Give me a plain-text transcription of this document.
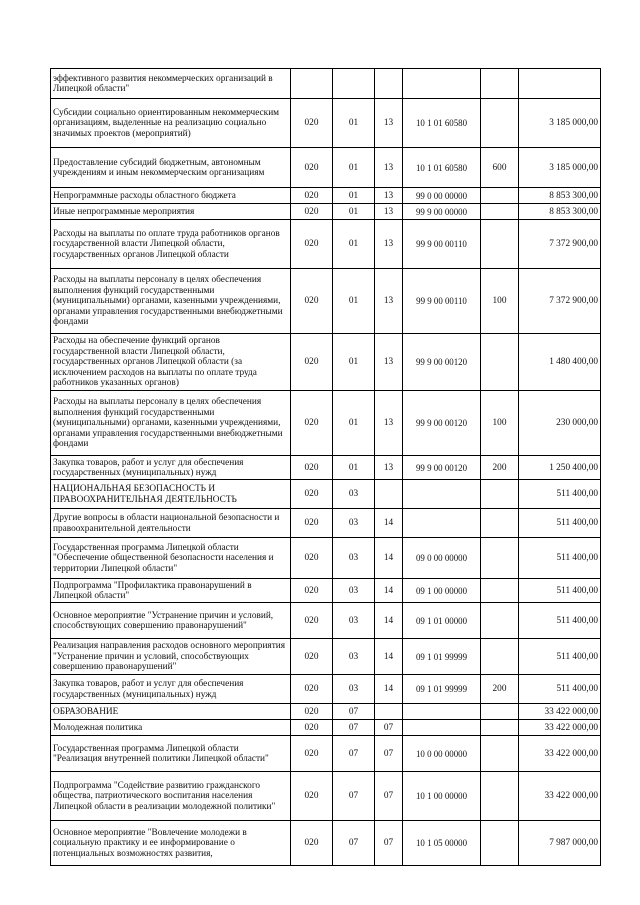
эффективного развития некоммерческих организаций в Липецкой области"						
Субсидии социально ориентированным некоммерческим организациям, выделенные на реализацию социально значимых проектов (мероприятий)	020	01	13	10 1 01 60580		3 185 000,00
Предоставление субсидий бюджетным, автономным учреждениям и иным некоммерческим организациям	020	01	13	10 1 01 60580	600	3 185 000,00
Непрограммные расходы областного бюджета	020	01	13	99 0 00 00000		8 853 300,00
Иные непрограммные мероприятия	020	01	13	99 9 00 00000		8 853 300,00
Расходы на выплаты по оплате труда работников органов государственной власти Липецкой области, государственных органов Липецкой области	020	01	13	99 9 00 00110		7 372 900,00
Расходы на выплаты персоналу в целях обеспечения выполнения функций государственными (муниципальными) органами, казенными учреждениями, органами управления государственными внебюджетными фондами	020	01	13	99 9 00 00110	100	7 372 900,00
Расходы на обеспечение функций органов государственной власти Липецкой области, государственных органов Липецкой области (за исключением расходов на выплаты по оплате труда работников указанных органов)	020	01	13	99 9 00 00120		1 480 400,00
Расходы на выплаты персоналу в целях обеспечения выполнения функций государственными (муниципальными) органами, казенными учреждениями, органами управления государственными внебюджетными фондами	020	01	13	99 9 00 00120	100	230 000,00
Закупка товаров, работ и услуг для обеспечения государственных (муниципальных) нужд	020	01	13	99 9 00 00120	200	1 250 400,00
НАЦИОНАЛЬНАЯ БЕЗОПАСНОСТЬ И ПРАВООХРАНИТЕЛЬНАЯ ДЕЯТЕЛЬНОСТЬ	020	03				511 400,00
Другие вопросы в области национальной безопасности и правоохранительной деятельности	020	03	14			511 400,00
Государственная программа Липецкой области "Обеспечение общественной безопасности населения и территории Липецкой области"	020	03	14	09 0 00 00000		511 400,00
Подпрограмма "Профилактика правонарушений в Липецкой области"	020	03	14	09 1 00 00000		511 400,00
Основное мероприятие "Устранение причин и условий, способствующих совершению правонарушений"	020	03	14	09 1 01 00000		511 400,00
Реализация направления расходов основного мероприятия "Устранение причин и условий, способствующих совершению правонарушений"	020	03	14	09 1 01 99999		511 400,00
Закупка товаров, работ и услуг для обеспечения государственных (муниципальных) нужд	020	03	14	09 1 01 99999	200	511 400,00
ОБРАЗОВАНИЕ	020	07				33 422 000,00
Молодежная политика	020	07	07			33 422 000,00
Государственная программа Липецкой области "Реализация внутренней политики Липецкой области"	020	07	07	10 0 00 00000		33 422 000,00
Подпрограмма "Содействие развитию гражданского общества, патриотического воспитания населения Липецкой области в реализации молодежной политики"	020	07	07	10 1 00 00000		33 422 000,00
Основное мероприятие "Вовлечение молодежи в социальную практику и ее информирование о потенциальных возможностях развития,	020	07	07	10 1 05 00000		7 987 000,00
